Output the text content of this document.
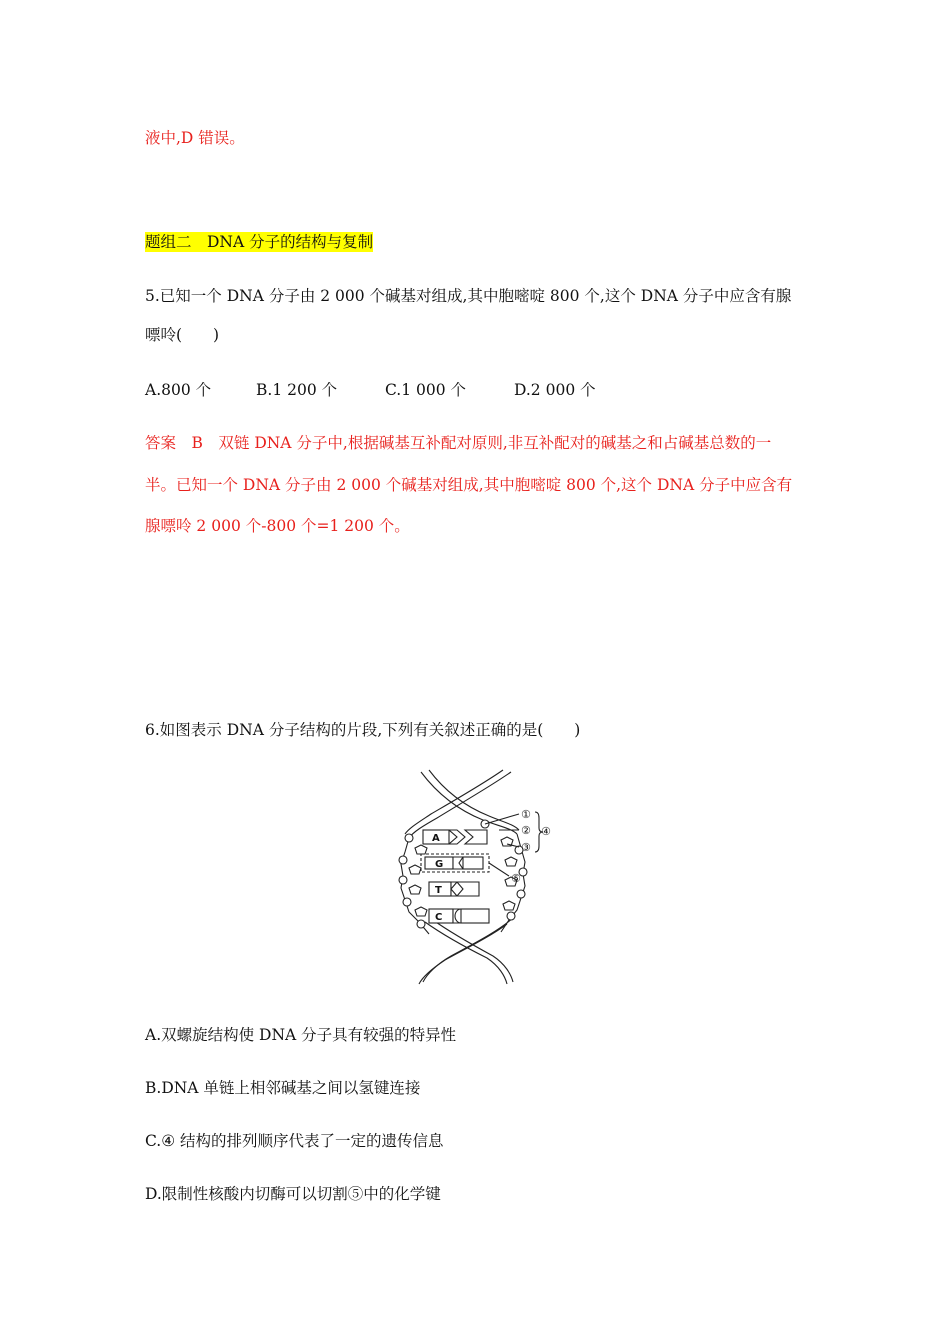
液中,D 错误。
题组二　DNA 分子的结构与复制
5.已知一个 DNA 分子由 2 000 个碱基对组成,其中胞嘧啶 800 个,这个 DNA 分子中应含有腺
嘌呤(　　)
A.800 个	B.1 200 个	C.1 000 个	D.2 000 个
答案　B　双链 DNA 分子中,根据碱基互补配对原则,非互补配对的碱基之和占碱基总数的一
半。已知一个 DNA 分子由 2 000 个碱基对组成,其中胞嘧啶 800 个,这个 DNA 分子中应含有
腺嘌呤 2 000 个-800 个=1 200 个。
6.如图表示 DNA 分子结构的片段,下列有关叙述正确的是(　　)
A
G
T
C
①
②
③
④
⑤
A.双螺旋结构使 DNA 分子具有较强的特异性
B.DNA 单链上相邻碱基之间以氢键连接
C.④ 结构的排列顺序代表了一定的遗传信息
D.限制性核酸内切酶可以切割⑤中的化学键
